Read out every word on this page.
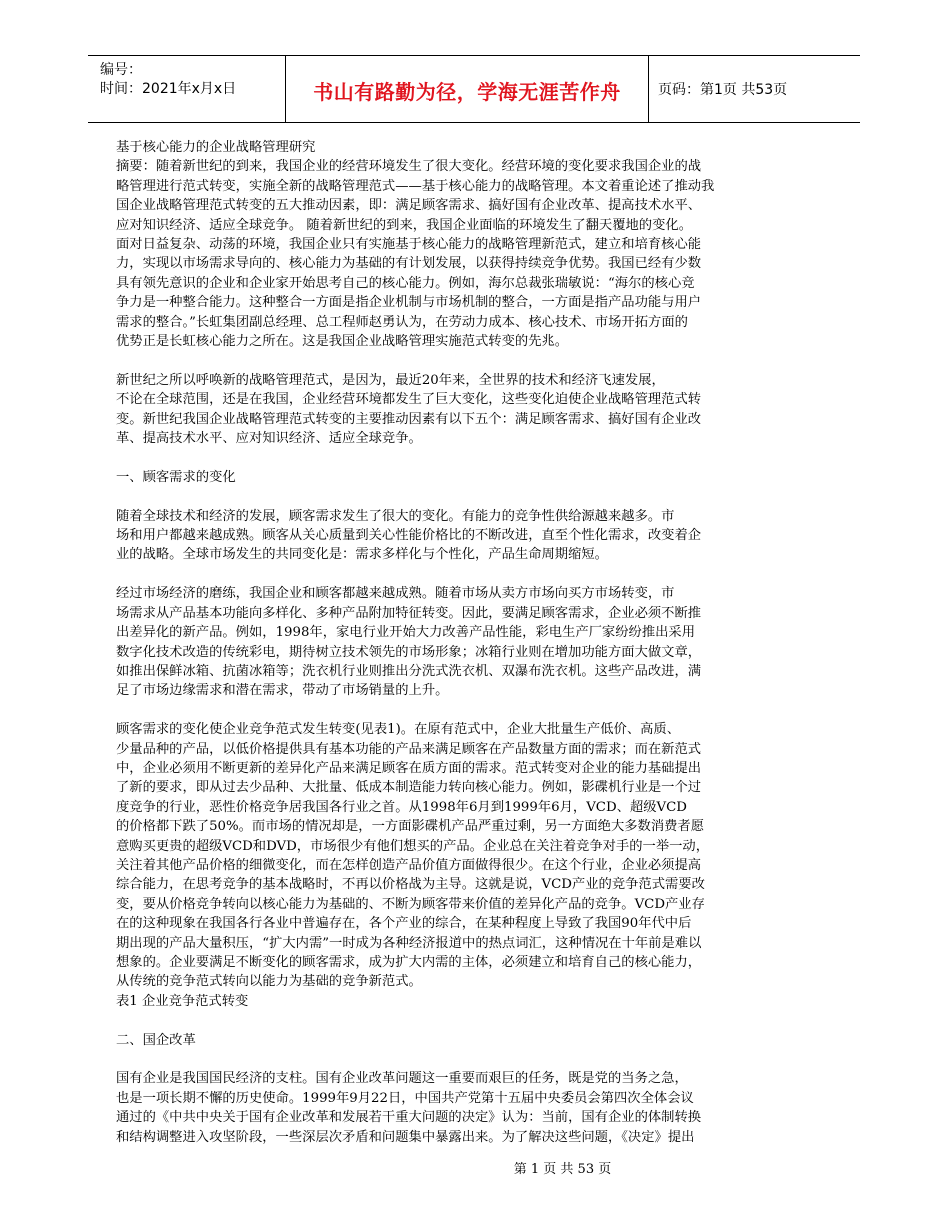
编号：
时间：2021年x月x日	书山有路勤为径，学海无涯苦作舟	页码：第1页 共53页

基于核心能力的企业战略管理研究

摘要：随着新世纪的到来，我国企业的经营环境发生了很大变化。经营环境的变化要求我国企业的战

略管理进行范式转变，实施全新的战略管理范式——基于核心能力的战略管理。本文着重论述了推动我

国企业战略管理范式转变的五大推动因素，即：满足顾客需求、搞好国有企业改革、提高技术水平、

应对知识经济、适应全球竞争。 随着新世纪的到来，我国企业面临的环境发生了翻天覆地的变化。

面对日益复杂、动荡的环境，我国企业只有实施基于核心能力的战略管理新范式，建立和培育核心能

力，实现以市场需求导向的、核心能力为基础的有计划发展，以获得持续竞争优势。我国已经有少数

具有领先意识的企业和企业家开始思考自己的核心能力。例如，海尔总裁张瑞敏说：“海尔的核心竞

争力是一种整合能力。这种整合一方面是指企业机制与市场机制的整合，一方面是指产品功能与用户

需求的整合。”长虹集团副总经理、总工程师赵勇认为，在劳动力成本、核心技术、市场开拓方面的

优势正是长虹核心能力之所在。这是我国企业战略管理实施范式转变的先兆。

新世纪之所以呼唤新的战略管理范式，是因为，最近20年来，全世界的技术和经济飞速发展，

不论在全球范围，还是在我国，企业经营环境都发生了巨大变化，这些变化迫使企业战略管理范式转

变。新世纪我国企业战略管理范式转变的主要推动因素有以下五个：满足顾客需求、搞好国有企业改

革、提高技术水平、应对知识经济、适应全球竞争。

一、顾客需求的变化

随着全球技术和经济的发展，顾客需求发生了很大的变化。有能力的竞争性供给源越来越多。市

场和用户都越来越成熟。顾客从关心质量到关心性能价格比的不断改进，直至个性化需求，改变着企

业的战略。全球市场发生的共同变化是：需求多样化与个性化，产品生命周期缩短。

经过市场经济的磨练，我国企业和顾客都越来越成熟。随着市场从卖方市场向买方市场转变，市

场需求从产品基本功能向多样化、多种产品附加特征转变。因此，要满足顾客需求，企业必须不断推

出差异化的新产品。例如，1998年，家电行业开始大力改善产品性能，彩电生产厂家纷纷推出采用

数字化技术改造的传统彩电，期待树立技术领先的市场形象；冰箱行业则在增加功能方面大做文章，

如推出保鲜冰箱、抗菌冰箱等；洗衣机行业则推出分洗式洗衣机、双瀑布洗衣机。这些产品改进，满

足了市场边缘需求和潜在需求，带动了市场销量的上升。

顾客需求的变化使企业竞争范式发生转变(见表1)。在原有范式中，企业大批量生产低价、高质、

少量品种的产品，以低价格提供具有基本功能的产品来满足顾客在产品数量方面的需求；而在新范式

中，企业必须用不断更新的差异化产品来满足顾客在质方面的需求。范式转变对企业的能力基础提出

了新的要求，即从过去少品种、大批量、低成本制造能力转向核心能力。例如，影碟机行业是一个过

度竞争的行业，恶性价格竞争居我国各行业之首。从1998年6月到1999年6月，VCD、超级VCD

的价格都下跌了50%。而市场的情况却是，一方面影碟机产品严重过剩，另一方面绝大多数消费者愿

意购买更贵的超级VCD和DVD，市场很少有他们想买的产品。企业总在关注着竞争对手的一举一动，

关注着其他产品价格的细微变化，而在怎样创造产品价值方面做得很少。在这个行业，企业必须提高

综合能力，在思考竞争的基本战略时，不再以价格战为主导。这就是说，VCD产业的竞争范式需要改

变，要从价格竞争转向以核心能力为基础的、不断为顾客带来价值的差异化产品的竞争。VCD产业存

在的这种现象在我国各行各业中普遍存在，各个产业的综合，在某种程度上导致了我国90年代中后

期出现的产品大量积压，“扩大内需”一时成为各种经济报道中的热点词汇，这种情况在十年前是难以

想象的。企业要满足不断变化的顾客需求，成为扩大内需的主体，必须建立和培育自己的核心能力，

从传统的竞争范式转向以能力为基础的竞争新范式。

表1 企业竞争范式转变

二、国企改革

国有企业是我国国民经济的支柱。国有企业改革问题这一重要而艰巨的任务，既是党的当务之急，

也是一项长期不懈的历史使命。1999年9月22日，中国共产党第十五届中央委员会第四次全体会议

通过的《中共中央关于国有企业改革和发展若干重大问题的决定》认为：当前，国有企业的体制转换

和结构调整进入攻坚阶段，一些深层次矛盾和问题集中暴露出来。为了解决这些问题，《决定》提出

第 1 页 共 53 页
